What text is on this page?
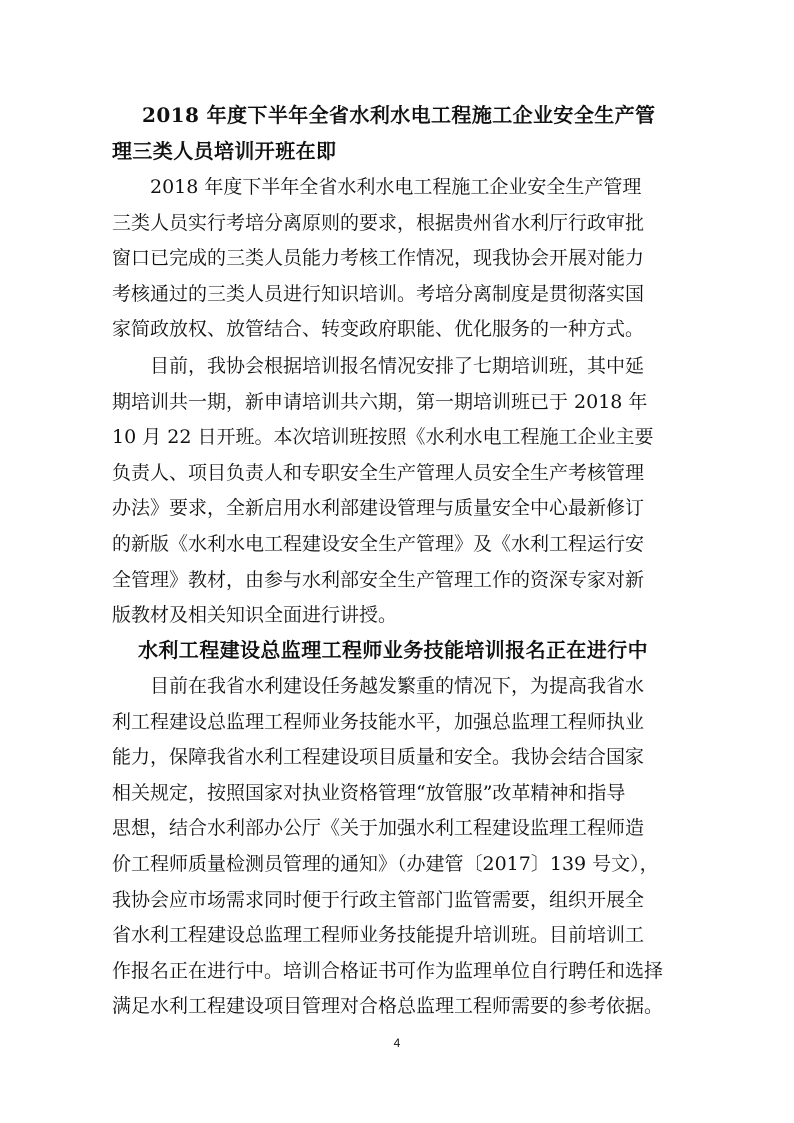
2018 年度下半年全省水利水电工程施工企业安全生产管
理三类人员培训开班在即
2018 年度下半年全省水利水电工程施工企业安全生产管理
三类人员实行考培分离原则的要求，根据贵州省水利厅行政审批
窗口已完成的三类人员能力考核工作情况，现我协会开展对能力
考核通过的三类人员进行知识培训。考培分离制度是贯彻落实国
家简政放权、放管结合、转变政府职能、优化服务的一种方式。
目前，我协会根据培训报名情况安排了七期培训班，其中延
期培训共一期，新申请培训共六期，第一期培训班已于 2018 年
10 月 22 日开班。本次培训班按照《水利水电工程施工企业主要
负责人、项目负责人和专职安全生产管理人员安全生产考核管理
办法》要求，全新启用水利部建设管理与质量安全中心最新修订
的新版《水利水电工程建设安全生产管理》及《水利工程运行安
全管理》教材，由参与水利部安全生产管理工作的资深专家对新
版教材及相关知识全面进行讲授。
水利工程建设总监理工程师业务技能培训报名正在进行中
目前在我省水利建设任务越发繁重的情况下，为提高我省水
利工程建设总监理工程师业务技能水平，加强总监理工程师执业
能力，保障我省水利工程建设项目质量和安全。我协会结合国家
相关规定，按照国家对执业资格管理“放管服”改革精神和指导
思想，结合水利部办公厅《关于加强水利工程建设监理工程师造
价工程师质量检测员管理的通知》（办建管〔2017〕139 号文），
我协会应市场需求同时便于行政主管部门监管需要，组织开展全
省水利工程建设总监理工程师业务技能提升培训班。目前培训工
作报名正在进行中。培训合格证书可作为监理单位自行聘任和选择
满足水利工程建设项目管理对合格总监理工程师需要的参考依据。
4
